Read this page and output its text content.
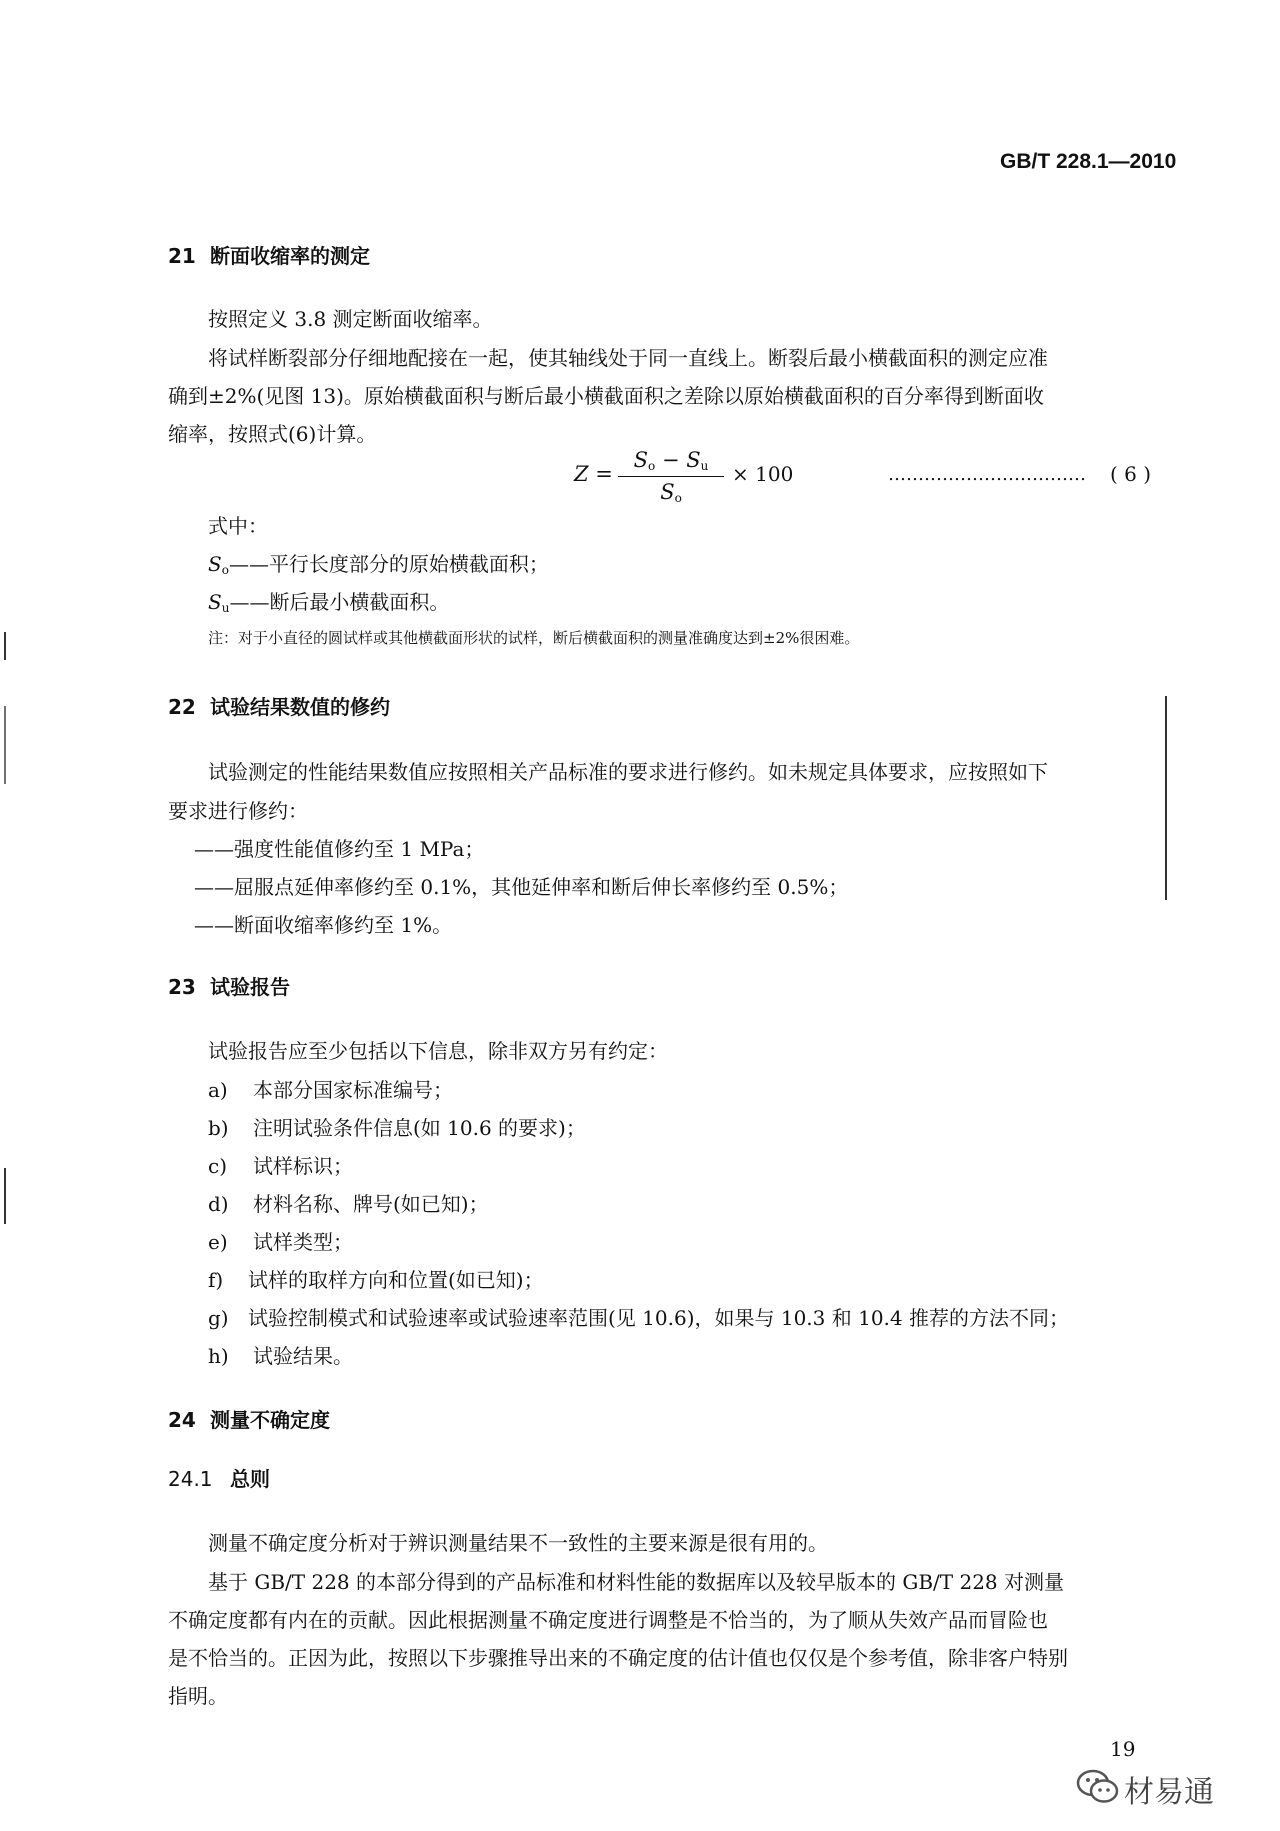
GB/T 228.1—2010
21 断面收缩率的测定
按照定义 3.8 测定断面收缩率。
将试样断裂部分仔细地配接在一起，使其轴线处于同一直线上。断裂后最小横截面积的测定应准
确到±2%(见图 13)。原始横截面积与断后最小横截面积之差除以原始横截面积的百分率得到断面收
缩率，按照式(6)计算。
Z =
$S_o - S_u$
$S_o$
× 100	…………………………… ( 6 )
式中：
$S_o——$平行长度部分的原始横截面积；
$S_u——$断后最小横截面积。
注：对于小直径的圆试样或其他横截面形状的试样，断后横截面积的测量准确度达到±2%很困难。
22 试验结果数值的修约
试验测定的性能结果数值应按照相关产品标准的要求进行修约。如未规定具体要求，应按照如下
要求进行修约：
——强度性能值修约至 1 MPa；
——屈服点延伸率修约至 0.1%，其他延伸率和断后伸长率修约至 0.5%；
——断面收缩率修约至 1%。
23 试验报告
试验报告应至少包括以下信息，除非双方另有约定：
a) 本部分国家标准编号；
b) 注明试验条件信息(如 10.6 的要求)；
c) 试样标识；
d) 材料名称、牌号(如已知)；
e) 试样类型；
f) 试样的取样方向和位置(如已知)；
g) 试验控制模式和试验速率或试验速率范围(见 10.6)，如果与 10.3 和 10.4 推荐的方法不同；
h) 试验结果。
24 测量不确定度
24.1 总则
测量不确定度分析对于辨识测量结果不一致性的主要来源是很有用的。
基于 GB/T 228 的本部分得到的产品标准和材料性能的数据库以及较早版本的 GB/T 228 对测量
不确定度都有内在的贡献。因此根据测量不确定度进行调整是不恰当的，为了顺从失效产品而冒险也
是不恰当的。正因为此，按照以下步骤推导出来的不确定度的估计值也仅仅是个参考值，除非客户特别
指明。
19
材易通
